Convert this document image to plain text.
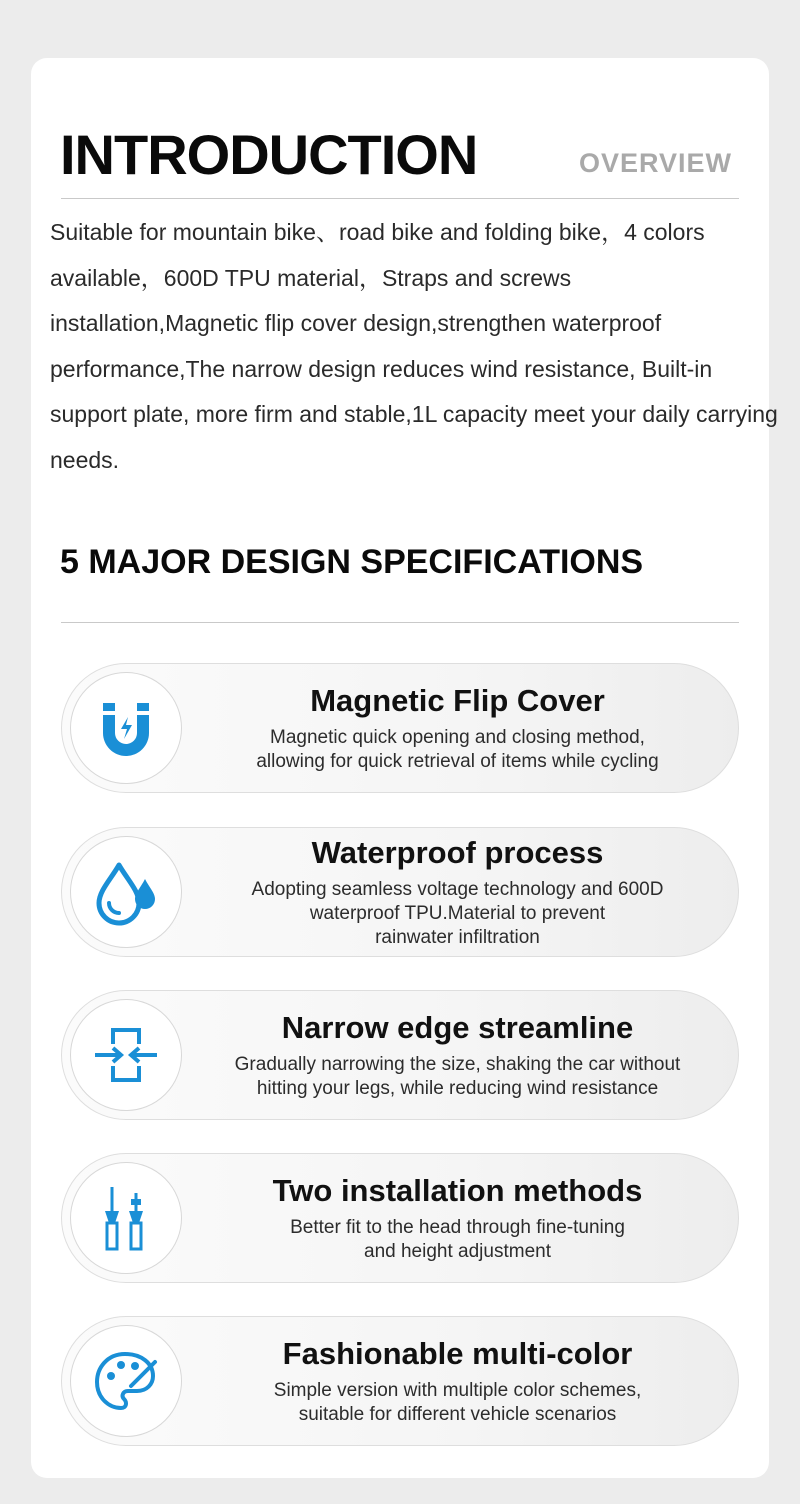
INTRODUCTION	OVERVIEW

Suitable for mountain bike、road bike and folding bike，4 colors available，600D TPU material，Straps and screws installation,Magnetic flip cover design,strengthen waterproof performance,The narrow design reduces wind resistance, Built-in support plate, more firm and stable,1L capacity meet your daily carrying needs.

5 MAJOR DESIGN SPECIFICATIONS

Magnetic Flip Cover

Magnetic quick opening and closing method,
allowing for quick retrieval of items while cycling

Waterproof process

Adopting seamless voltage technology and 600D
waterproof TPU.Material to prevent
rainwater infiltration

Narrow edge streamline

Gradually narrowing the size, shaking the car without
hitting your legs, while reducing wind resistance

Two installation methods

Better fit to the head through fine-tuning
and height adjustment

Fashionable multi-color

Simple version with multiple color schemes,
suitable for different vehicle scenarios
